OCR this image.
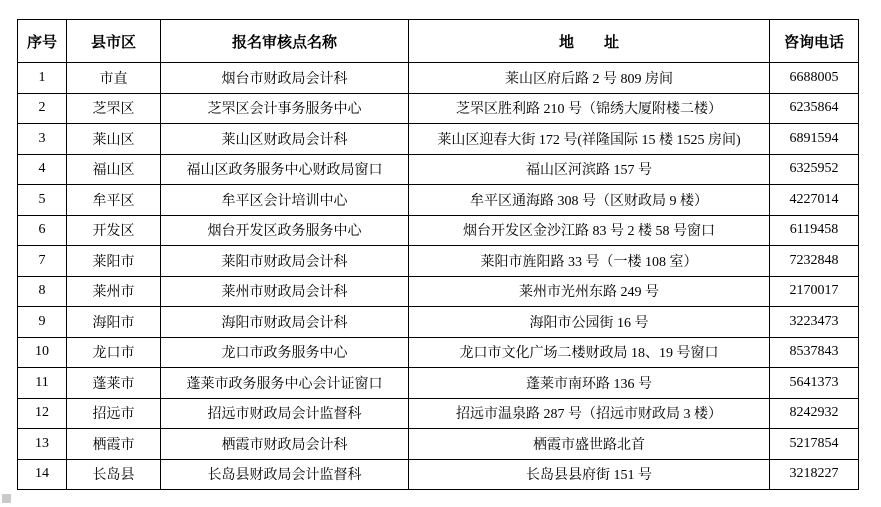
序号	县市区	报名审核点名称	地　　址	咨询电话
1	市直	烟台市财政局会计科	莱山区府后路 2 号 809 房间	6688005
2	芝罘区	芝罘区会计事务服务中心	芝罘区胜利路 210 号（锦绣大厦附楼二楼）	6235864
3	莱山区	莱山区财政局会计科	莱山区迎春大街 172 号(祥隆国际 15 楼 1525 房间)	6891594
4	福山区	福山区政务服务中心财政局窗口	福山区河滨路 157 号	6325952
5	牟平区	牟平区会计培训中心	牟平区通海路 308 号（区财政局 9 楼）	4227014
6	开发区	烟台开发区政务服务中心	烟台开发区金沙江路 83 号 2 楼 58 号窗口	6119458
7	莱阳市	莱阳市财政局会计科	莱阳市旌阳路 33 号（一楼 108 室）	7232848
8	莱州市	莱州市财政局会计科	莱州市光州东路 249 号	2170017
9	海阳市	海阳市财政局会计科	海阳市公园街 16 号	3223473
10	龙口市	龙口市政务服务中心	龙口市文化广场二楼财政局 18、19 号窗口	8537843
11	蓬莱市	蓬莱市政务服务中心会计证窗口	蓬莱市南环路 136 号	5641373
12	招远市	招远市财政局会计监督科	招远市温泉路 287 号（招远市财政局 3 楼）	8242932
13	栖霞市	栖霞市财政局会计科	栖霞市盛世路北首	5217854
14	长岛县	长岛县财政局会计监督科	长岛县县府街 151 号	3218227
